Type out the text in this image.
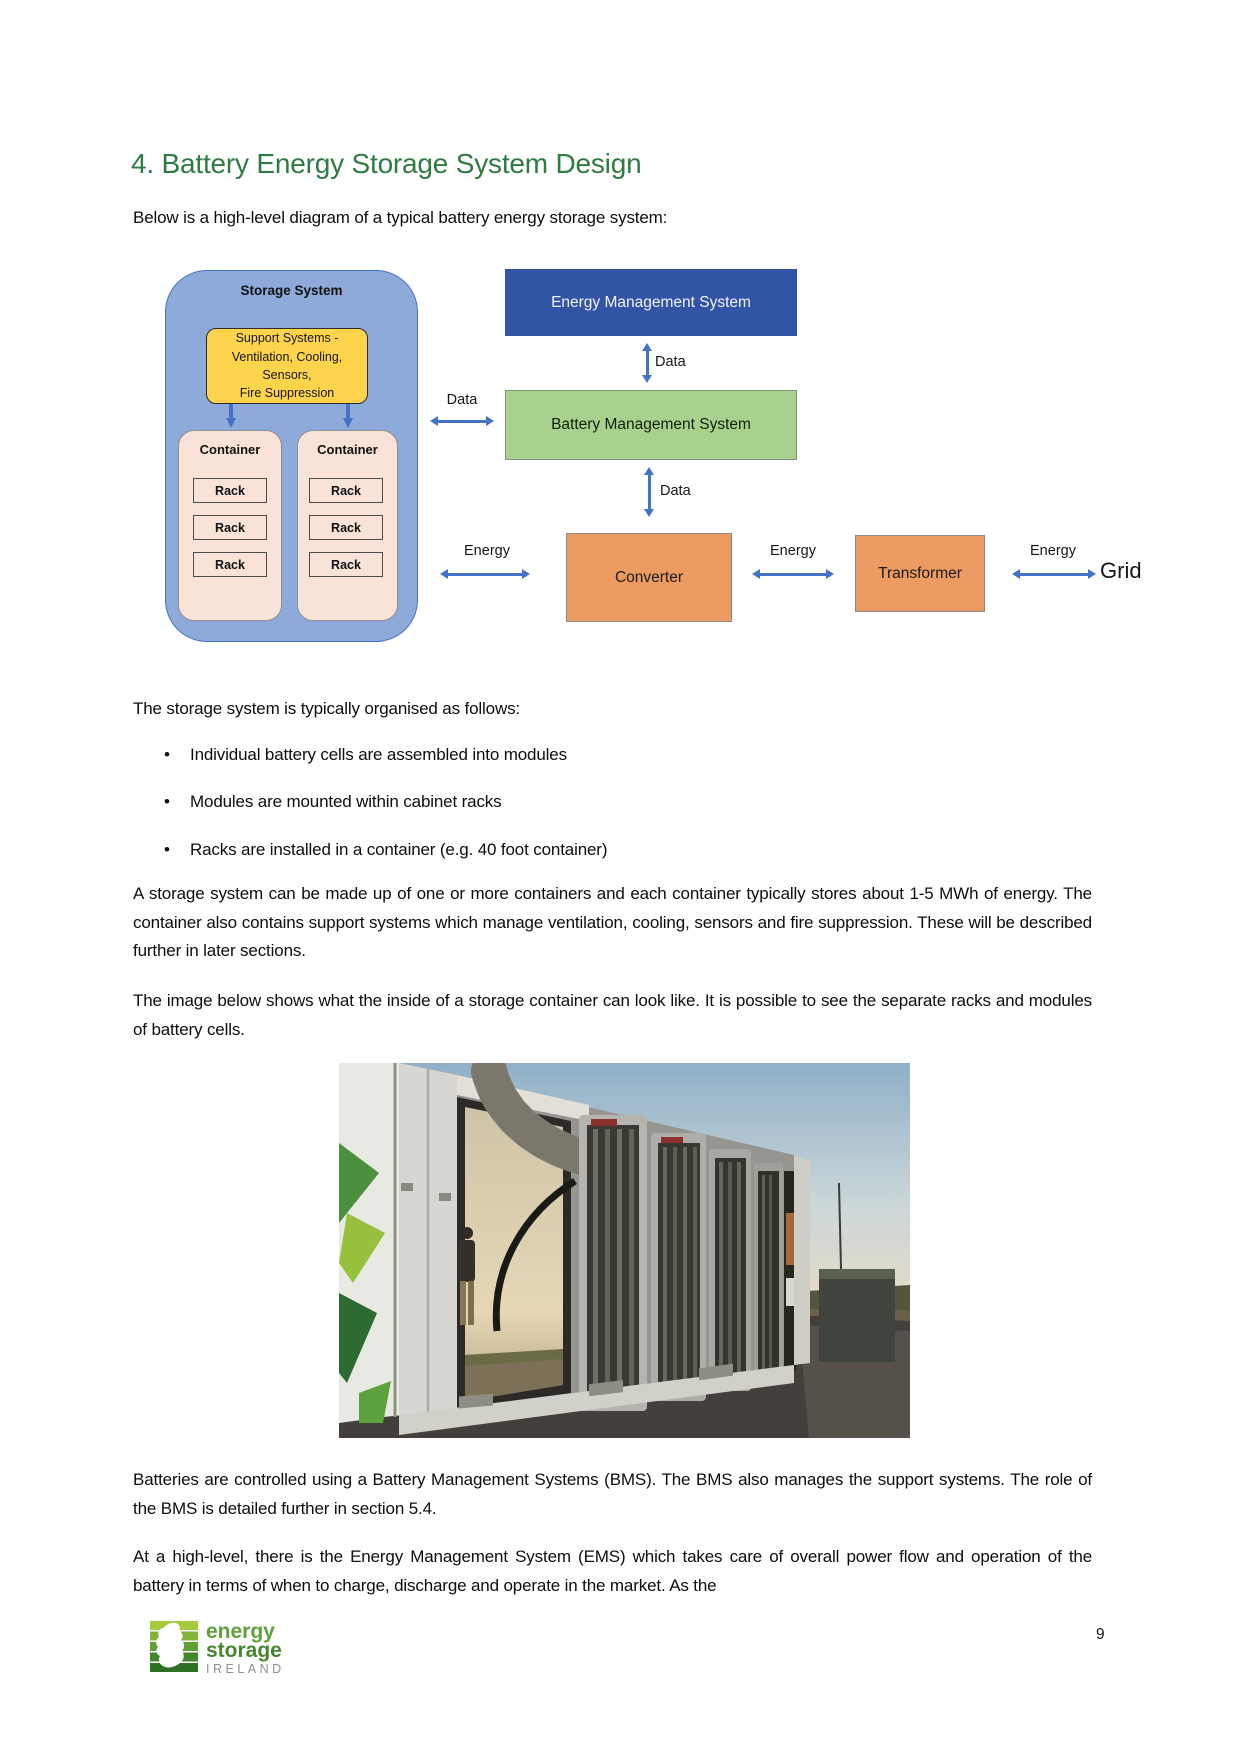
4. Battery Energy Storage System Design
Below is a high-level diagram of a typical battery energy storage system:
Storage System
Support Systems -
Ventilation, Cooling,
Sensors,
Fire Suppression
Container
Rack
Rack
Rack
Container
Rack
Rack
Rack
Energy Management System
Data
Battery Management System
Data
Data
Energy
Converter
Energy
Transformer
Energy
Grid
The storage system is typically organised as follows:
• Individual battery cells are assembled into modules
• Modules are mounted within cabinet racks
• Racks are installed in a container (e.g. 40 foot container)
A storage system can be made up of one or more containers and each container typically stores about 1-5 MWh of energy. The container also contains support systems which manage ventilation, cooling, sensors and fire suppression. These will be described further in later sections.
The image below shows what the inside of a storage container can look like. It is possible to see the separate racks and modules of battery cells.
Batteries are controlled using a Battery Management Systems (BMS). The BMS also manages the support systems. The role of the BMS is detailed further in section 5.4.
At a high-level, there is the Energy Management System (EMS) which takes care of overall power flow and operation of the battery in terms of when to charge, discharge and operate in the market. As the
energy
storage
IRELAND
9
